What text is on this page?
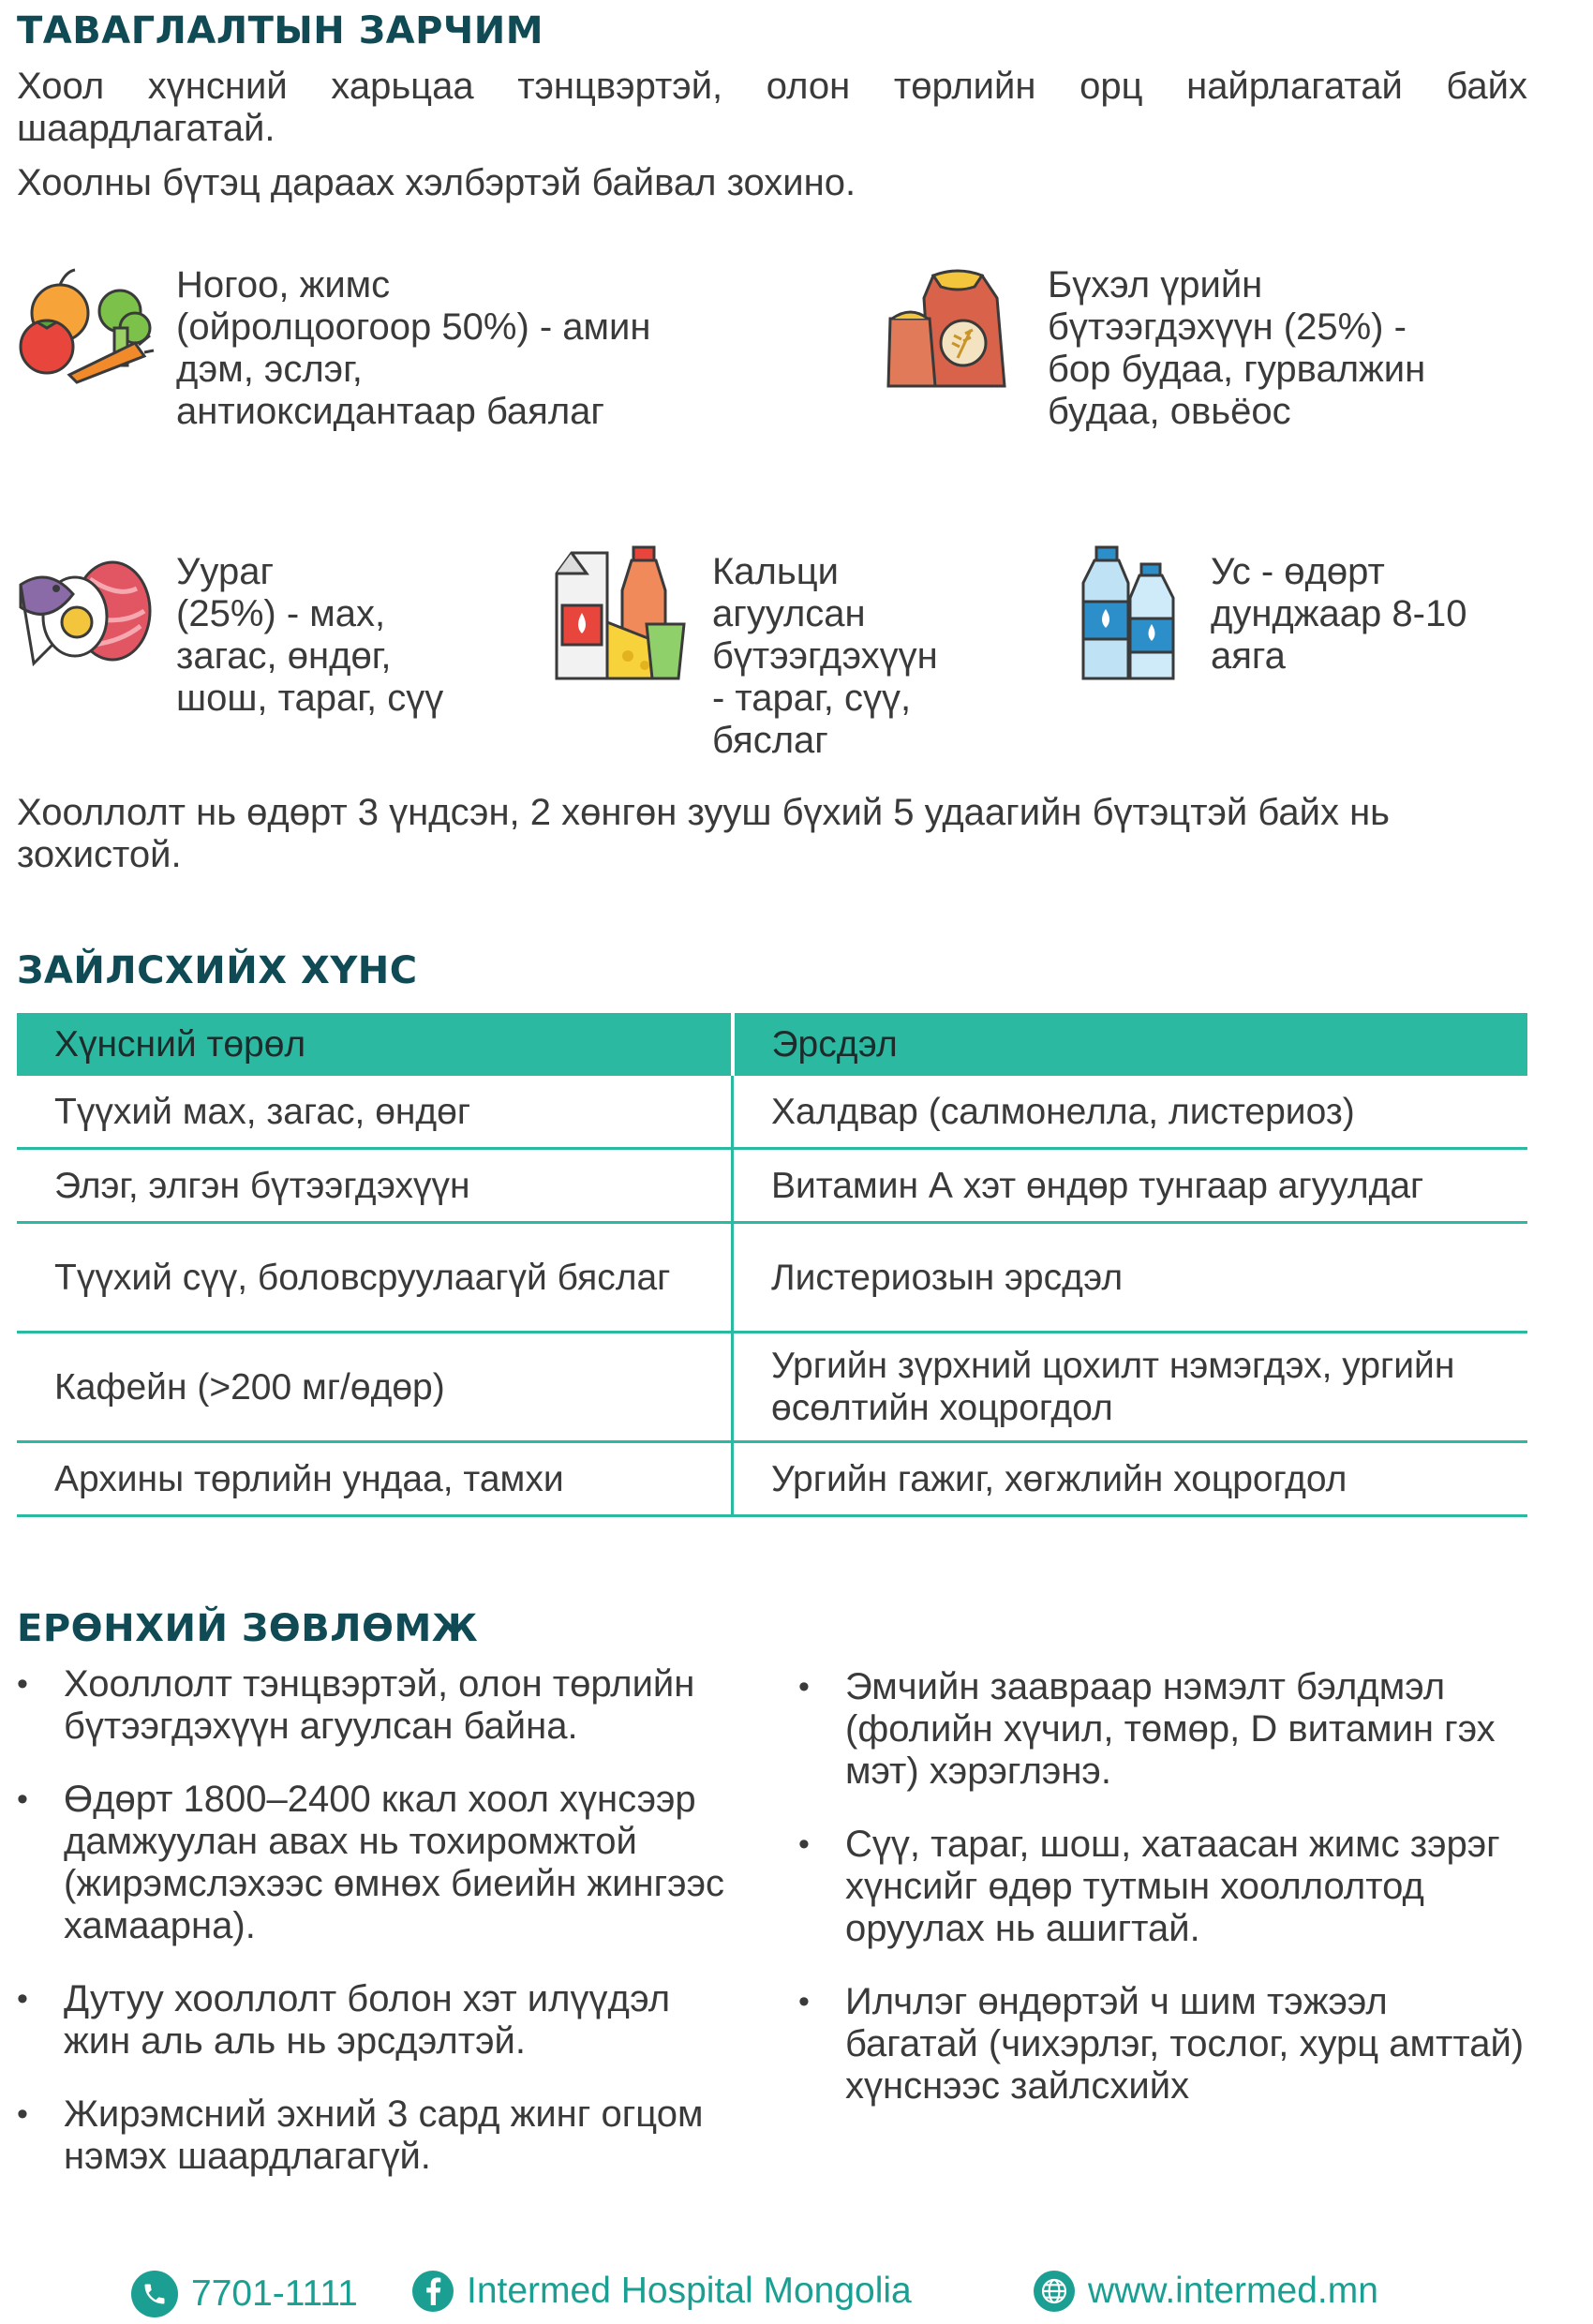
ТАВАГЛАЛТЫН ЗАРЧИМ

Хоол хүнсний харьцаа тэнцвэртэй, олон төрлийн орц найрлагатай байх шаардлагатай.

Хоолны бүтэц дараах хэлбэртэй байвал зохино.

Ногоо, жимс
(ойролцоогоор 50%) - амин
дэм, эслэг,
антиоксидантаар баялаг
Бүхэл үрийн
бүтээгдэхүүн (25%) -
бор будаа, гурвалжин
будаа, овьёос
Уураг
(25%) - мах,
загас, өндөг,
шош, тараг, сүү
Кальци
агуулсан
бүтээгдэхүүн
- тараг, сүү,
бяслаг
Ус - өдөрт
дунджаар 8-10
аяга

Хооллолт нь өдөрт 3 үндсэн, 2 хөнгөн зууш бүхий 5 удаагийн бүтэцтэй байх нь зохистой.

ЗАЙЛСХИЙХ ХҮНС
Хүнсний төрөл	Эрсдэл
Түүхий мах, загас, өндөг	Халдвар (салмонелла, листериоз)
Элэг, элгэн бүтээгдэхүүн	Витамин А хэт өндөр тунгаар агуулдаг
Түүхий сүү, боловсруулаагүй бяслаг	Листериозын эрсдэл
Кафейн (>200 мг/өдөр)	Ургийн зүрхний цохилт нэмэгдэх, ургийн өсөлтийн хоцрогдол
Архины төрлийн ундаа, тамхи	Ургийн гажиг, хөгжлийн хоцрогдол
ЕРӨНХИЙ ЗӨВЛӨМЖ
• Хооллолт тэнцвэртэй, олон төрлийн бүтээгдэхүүн агуулсан байна.
• Өдөрт 1800–2400 ккал хоол хүнсээр дамжуулан авах нь тохиромжтой (жирэмслэхээс өмнөх биеийн жингээс хамаарна).
• Дутуу хооллолт болон хэт илүүдэл жин аль аль нь эрсдэлтэй.
• Жирэмсний эхний 3 сард жинг огцом нэмэх шаардлагагүй.
• Эмчийн зааврaap нэмэлт бэлдмэл (фолийн хүчил, төмөр, D витамин гэх мэт) хэрэглэнэ.
• Сүү, тараг, шош, хатаасан жимс зэрэг хүнсийг өдөр тутмын хооллолтод оруулах нь ашигтай.
• Илчлэг өндөртэй ч шим тэжээл багатай (чихэрлэг, тослог, хурц амттай) хүнснээс зайлсхийх
7701-1111	Intermed Hospital Mongolia	www.intermed.mn
